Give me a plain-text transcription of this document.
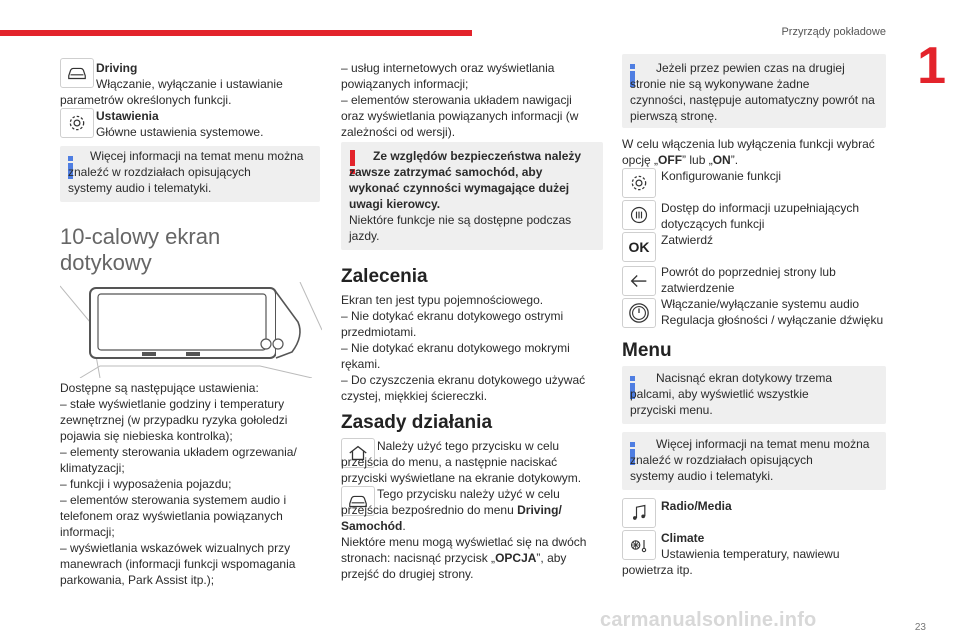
Przyrządy pokładowe
1
Driving

Włączanie, wyłączanie i ustawianie
parametrów określonych funkcji.

Ustawienia
Główne ustawienia systemowe.

Więcej informacji na temat menu można
znaleźć w rozdziałach opisujących
systemy audio i telematyki.

10-calowy ekran
dotykowy

Dostępne są następujące ustawienia:
– stałe wyświetlanie godziny i temperatury
zewnętrznej (w przypadku ryzyka gołoledzi
pojawia się niebieska kontrolka);
– elementy sterowania układem ogrzewania/
klimatyzacji;
– funkcji i wyposażenia pojazdu;
– elementów sterowania systemem audio i
telefonem oraz wyświetlania powiązanych
informacji;
– wyświetlania wskazówek wizualnych przy
manewrach (informacji funkcji wspomagania
parkowania, Park Assist itp.);

– usług internetowych oraz wyświetlania
powiązanych informacji;
– elementów sterowania układem nawigacji
oraz wyświetlania powiązanych informacji (w
zależności od wersji).

Ze względów bezpieczeństwa należy
zawsze zatrzymać samochód, aby
wykonać czynności wymagające dużej
uwagi kierowcy.

Niektóre funkcje nie są dostępne podczas
jazdy.

Zalecenia

Ekran ten jest typu pojemnościowego.
– Nie dotykać ekranu dotykowego ostrymi
przedmiotami.
– Nie dotykać ekranu dotykowego mokrymi
rękami.
– Do czyszczenia ekranu dotykowego używać
czystej, miękkiej ściereczki.

Zasady działania

Należy użyć tego przycisku w celu
przejścia do menu, a następnie naciskać
przyciski wyświetlane na ekranie dotykowym.

Tego przycisku należy użyć w celu
przejścia bezpośrednio do menu Driving/

Samochód.

Niektóre menu mogą wyświetlać się na dwóch
stronach: nacisnąć przycisk „OPCJA”, aby
przejść do drugiej strony.

Jeżeli przez pewien czas na drugiej
stronie nie są wykonywane żadne
czynności, następuje automatyczny powrót na
pierwszą stronę.

W celu włączenia lub wyłączenia funkcji wybrać
opcję „OFF” lub „ON”.

Konfigurowanie funkcji

Dostęp do informacji uzupełniających
dotyczących funkcji

OK Zatwierdź

Powrót do poprzedniej strony lub
zatwierdzenie

Włączanie/wyłączanie systemu audio
Regulacja głośności / wyłączanie dźwięku

Menu

Nacisnąć ekran dotykowy trzema
palcami, aby wyświetlić wszystkie
przyciski menu.

Więcej informacji na temat menu można
znaleźć w rozdziałach opisujących
systemy audio i telematyki.

Radio/Media
Climate

Ustawienia temperatury, nawiewu
powietrza itp.

carmanualsonline.info	23
